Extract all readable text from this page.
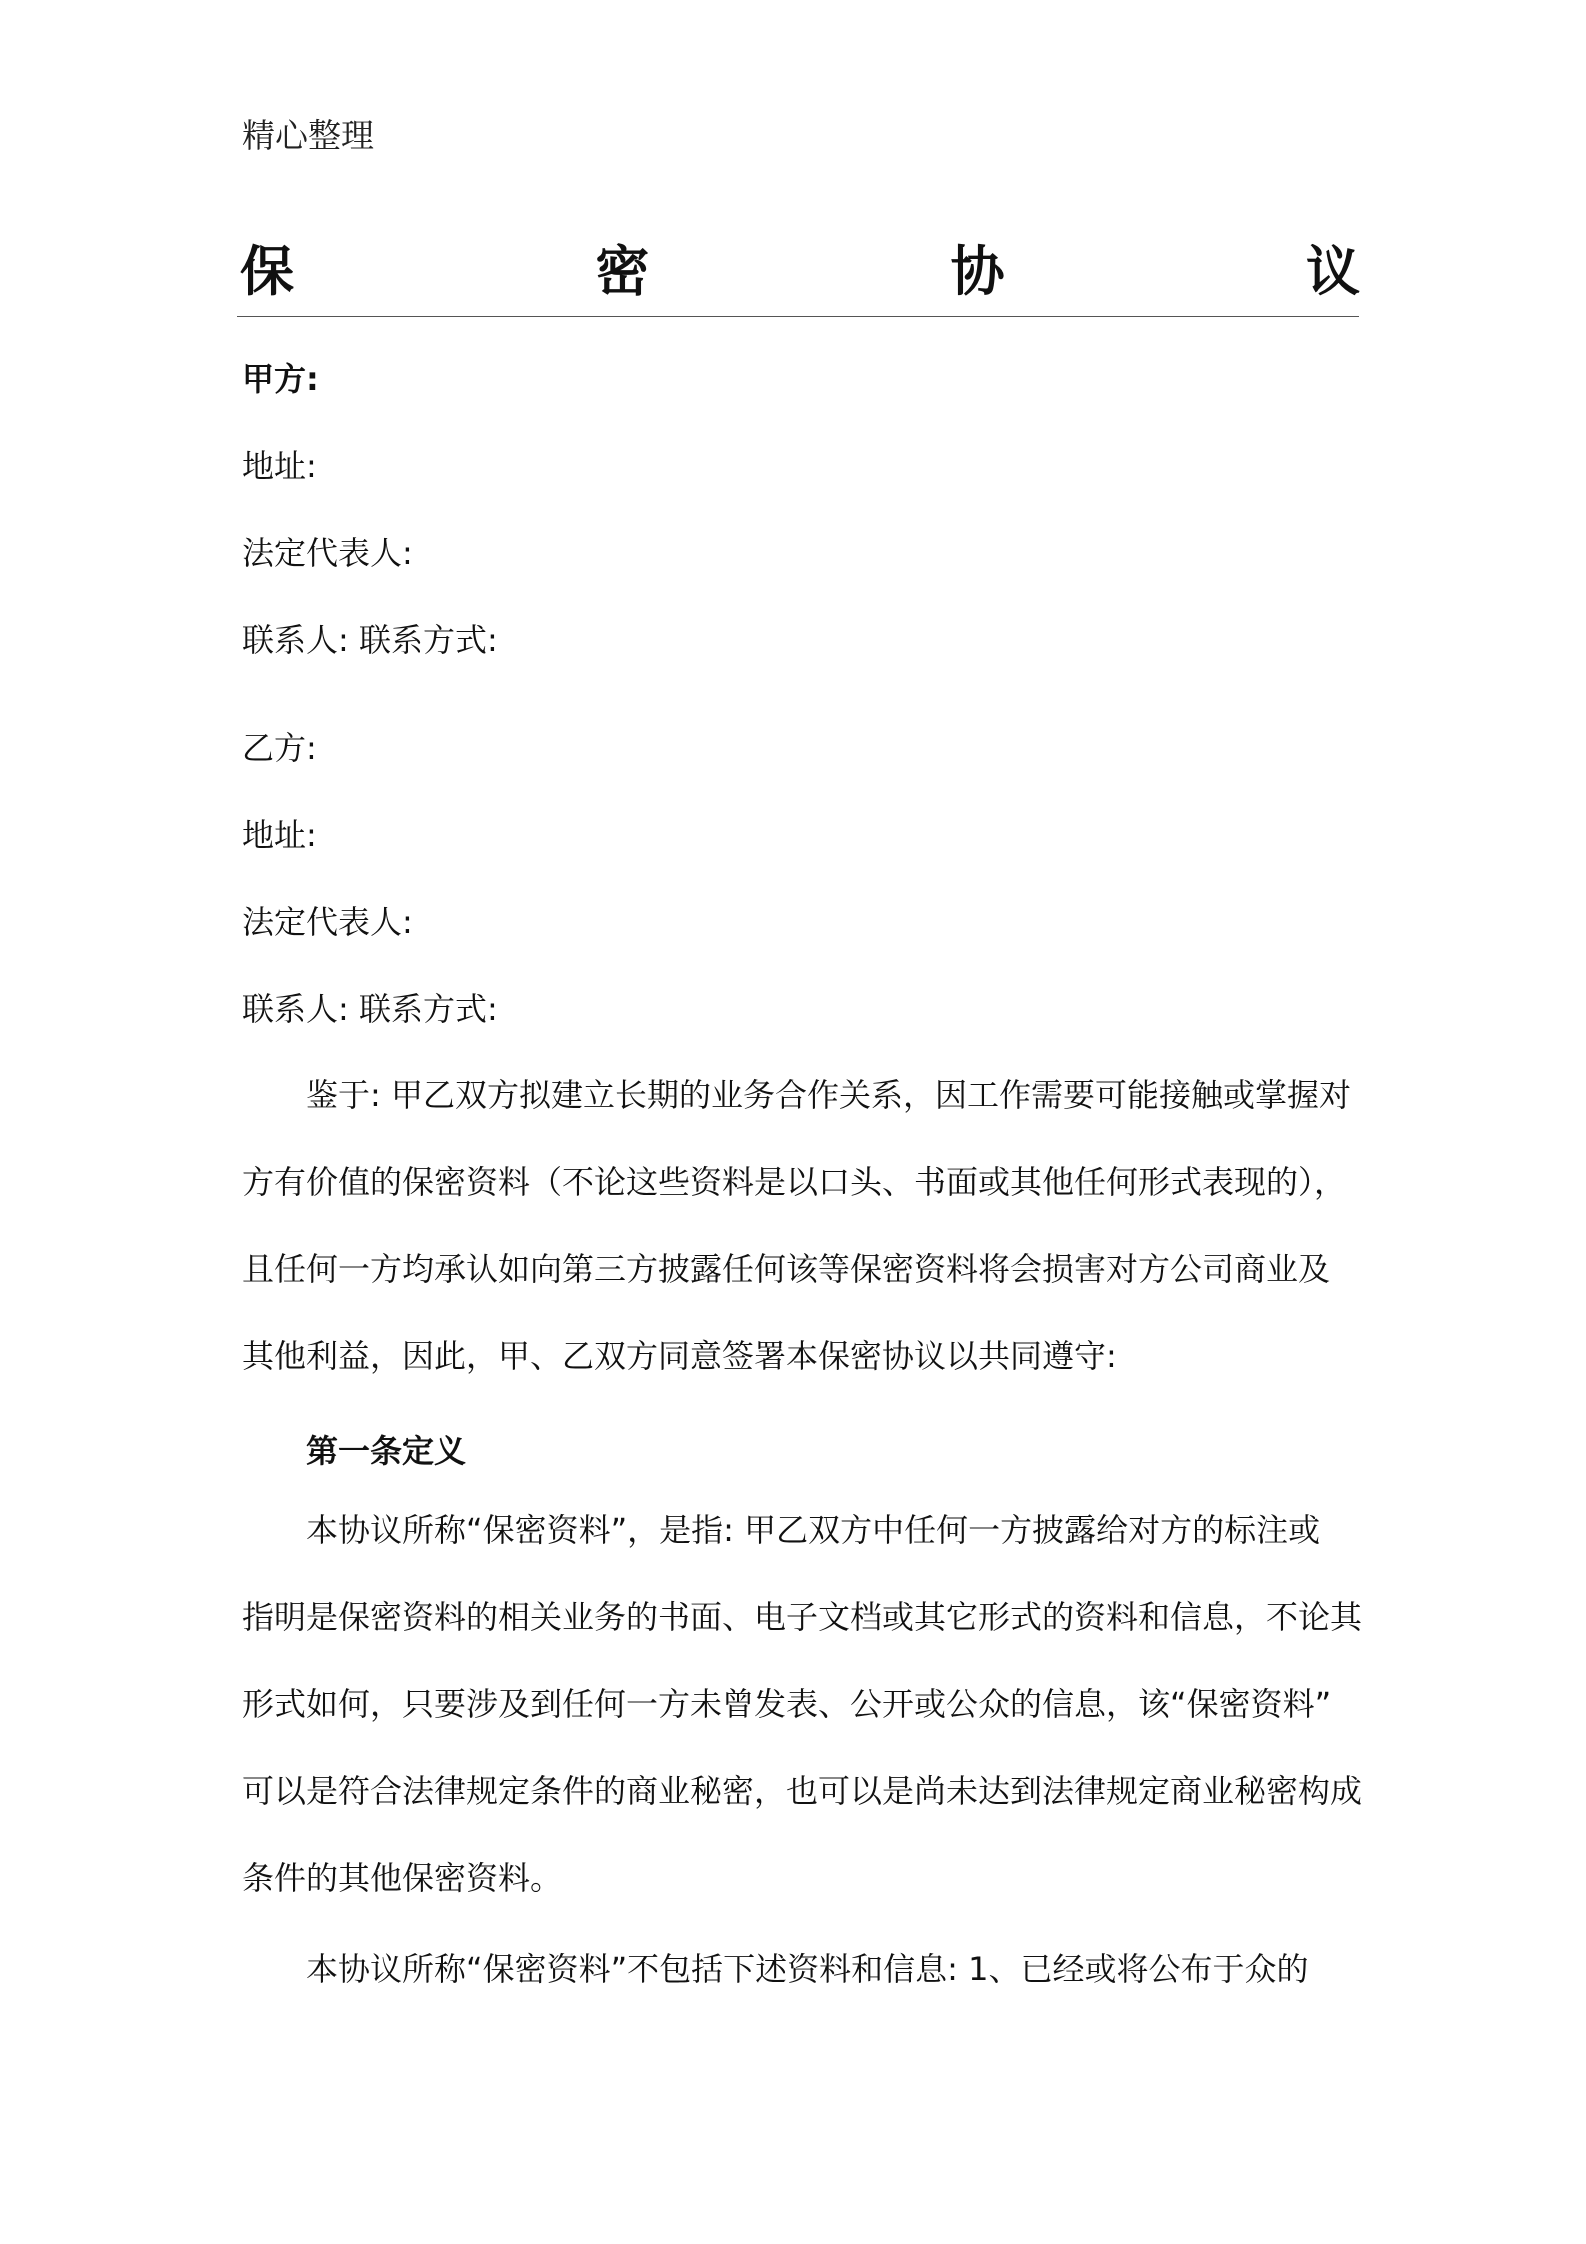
精心整理
保	密	协	议
甲方:
地址:
法定代表人:
联系人: 联系方式:
乙方:
地址:
法定代表人:
联系人: 联系方式:
鉴于: 甲乙双方拟建立长期的业务合作关系，因工作需要可能接触或掌握对
方有价值的保密资料（不论这些资料是以口头、书面或其他任何形式表现的），
且任何一方均承认如向第三方披露任何该等保密资料将会损害对方公司商业及
其他利益，因此，甲、乙双方同意签署本保密协议以共同遵守:
第一条定义
本协议所称“保密资料”，是指: 甲乙双方中任何一方披露给对方的标注或
指明是保密资料的相关业务的书面、电子文档或其它形式的资料和信息，不论其
形式如何，只要涉及到任何一方未曾发表、公开或公众的信息，该“保密资料”
可以是符合法律规定条件的商业秘密，也可以是尚未达到法律规定商业秘密构成
条件的其他保密资料。
本协议所称“保密资料”不包括下述资料和信息: 1、已经或将公布于众的
